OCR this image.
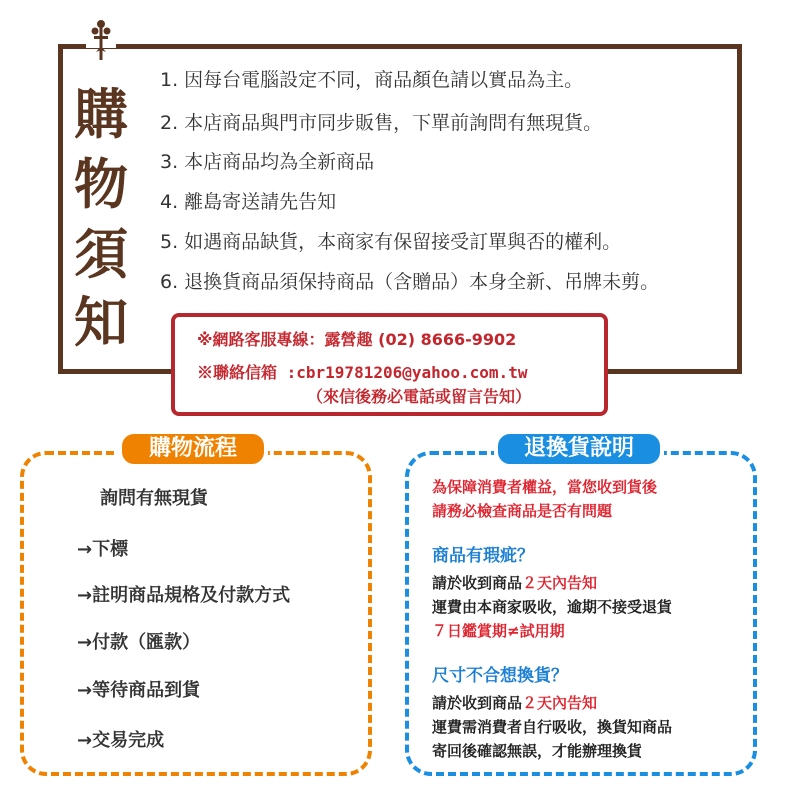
購
物
須
知
1. 因每台電腦設定不同，商品顏色請以實品為主。
2. 本店商品與門市同步販售，下單前詢問有無現貨。
3. 本店商品均為全新商品
4. 離島寄送請先告知
5. 如遇商品缺貨，本商家有保留接受訂單與否的權利。
6. 退換貨商品須保持商品（含贈品）本身全新、吊牌未剪。
※網路客服專線：露營趣 (02) 8666-9902
※聯絡信箱 :cbr19781206@yahoo.com.tw
（來信後務必電話或留言告知）
購物流程
詢問有無現貨
→下標
→註明商品規格及付款方式
→付款（匯款）
→等待商品到貨
→交易完成
退換貨說明
為保障消費者權益，當您收到貨後
請務必檢查商品是否有問題
商品有瑕疵？
請於收到商品２天內告知
運費由本商家吸收，逾期不接受退貨
７日鑑賞期≠試用期
尺寸不合想換貨？
請於收到商品２天內告知
運費需消費者自行吸收，換貨知商品
寄回後確認無誤，才能辦理換貨
